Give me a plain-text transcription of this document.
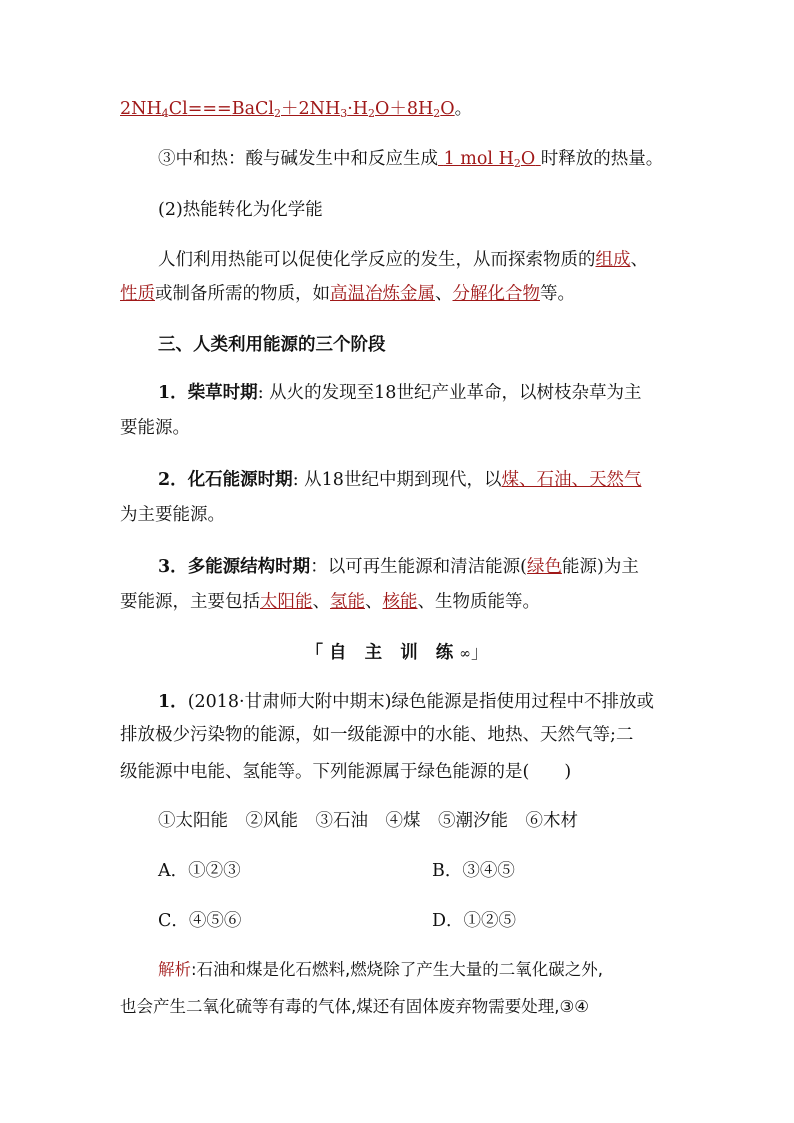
$2NH_4Cl===BaCl_2+2NH_3\cdot H_2O+8H_2O$。
③中和热：酸与碱发生中和反应生成 1 mol $H_2O$ 时释放的热量。
(2)热能转化为化学能
人们利用热能可以促使化学反应的发生，从而探索物质的组成、
性质或制备所需的物质，如高温冶炼金属、分解化合物等。
三、人类利用能源的三个阶段
1．柴草时期: 从火的发现至18世纪产业革命，以树枝杂草为主
要能源。
2．化石能源时期: 从18世纪中期到现代，以煤、石油、天然气
为主要能源。
3．多能源结构时期：以可再生能源和清洁能源(绿色能源)为主
要能源，主要包括太阳能、氢能、核能、生物质能等。
「自 主 训 练∞」
1．(2018·甘肃师大附中期末)绿色能源是指使用过程中不排放或
排放极少污染物的能源，如一级能源中的水能、地热、天然气等;二
级能源中电能、氢能等。下列能源属于绿色能源的是(　　)
①太阳能　②风能　③石油　④煤　⑤潮汐能　⑥木材
A．①②③	B．③④⑤
C．④⑤⑥	D．①②⑤
解析:石油和煤是化石燃料,燃烧除了产生大量的二氧化碳之外,
也会产生二氧化硫等有毒的气体,煤还有固体废弃物需要处理,③④
